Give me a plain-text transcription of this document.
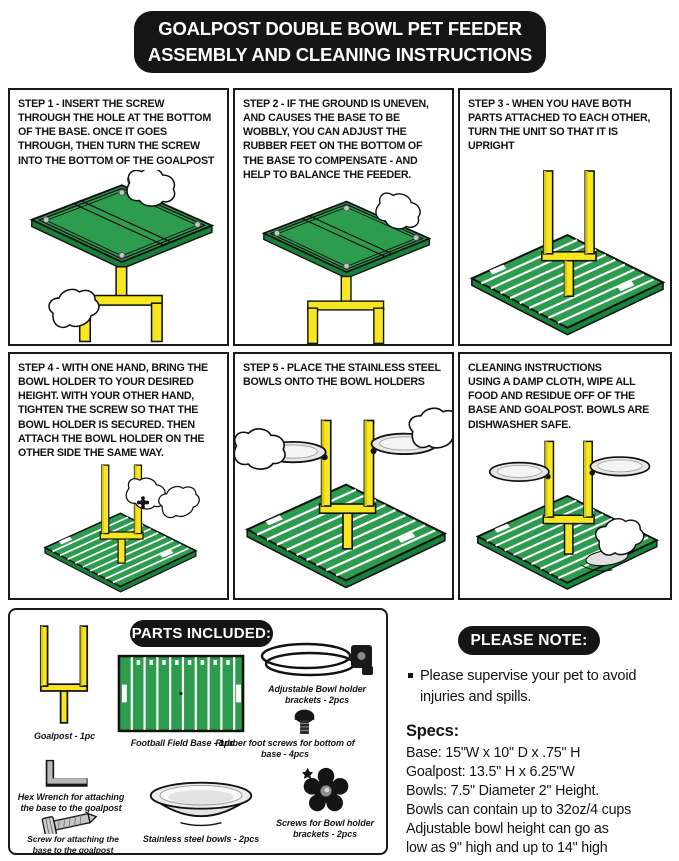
GOALPOST DOUBLE BOWL PET FEEDER
ASSEMBLY AND CLEANING INSTRUCTIONS
STEP 1 - INSERT THE SCREW THROUGH THE HOLE AT THE BOTTOM OF THE BASE. ONCE IT GOES THROUGH, THEN TURN THE SCREW INTO THE BOTTOM OF THE GOALPOST
STEP 2 - IF THE GROUND IS UNEVEN, AND CAUSES THE BASE TO BE WOBBLY, YOU CAN ADJUST THE RUBBER FEET ON THE BOTTOM OF THE BASE TO COMPENSATE - AND HELP TO BALANCE THE FEEDER.
STEP 3 - WHEN YOU HAVE BOTH PARTS ATTACHED TO EACH OTHER, TURN THE UNIT SO THAT IT IS UPRIGHT
STEP 4 - WITH ONE HAND, BRING THE BOWL HOLDER TO YOUR DESIRED HEIGHT. WITH YOUR OTHER HAND, TIGHTEN THE SCREW SO THAT THE BOWL HOLDER IS SECURED. THEN ATTACH THE BOWL HOLDER ON THE OTHER SIDE THE SAME WAY.
STEP 5 - PLACE THE STAINLESS STEEL BOWLS ONTO THE BOWL HOLDERS
CLEANING INSTRUCTIONS
USING A DAMP CLOTH, WIPE ALL FOOD AND RESIDUE OFF OF THE BASE AND GOALPOST. BOWLS ARE DISHWASHER SAFE.
PARTS INCLUDED:
Goalpost - 1pc
Football Field Base - 1pc
Adjustable Bowl holder brackets - 2pcs
Rubber foot screws for bottom of base - 4pcs
Hex Wrench for attaching the base to the goalpost
Screw for attaching the base to the goalpost
Stainless steel bowls - 2pcs
Screws for Bowl holder brackets - 2pcs
PLEASE NOTE:
Please supervise your pet to avoid injuries and spills.
Specs:
Base: 15"W x 10" D x .75" H
Goalpost: 13.5" H x 6.25"W
Bowls: 7.5" Diameter 2" Height.
Bowls can contain up to 32oz/4 cups
Adjustable bowl height can go as
low as 9" high and up to 14" high
